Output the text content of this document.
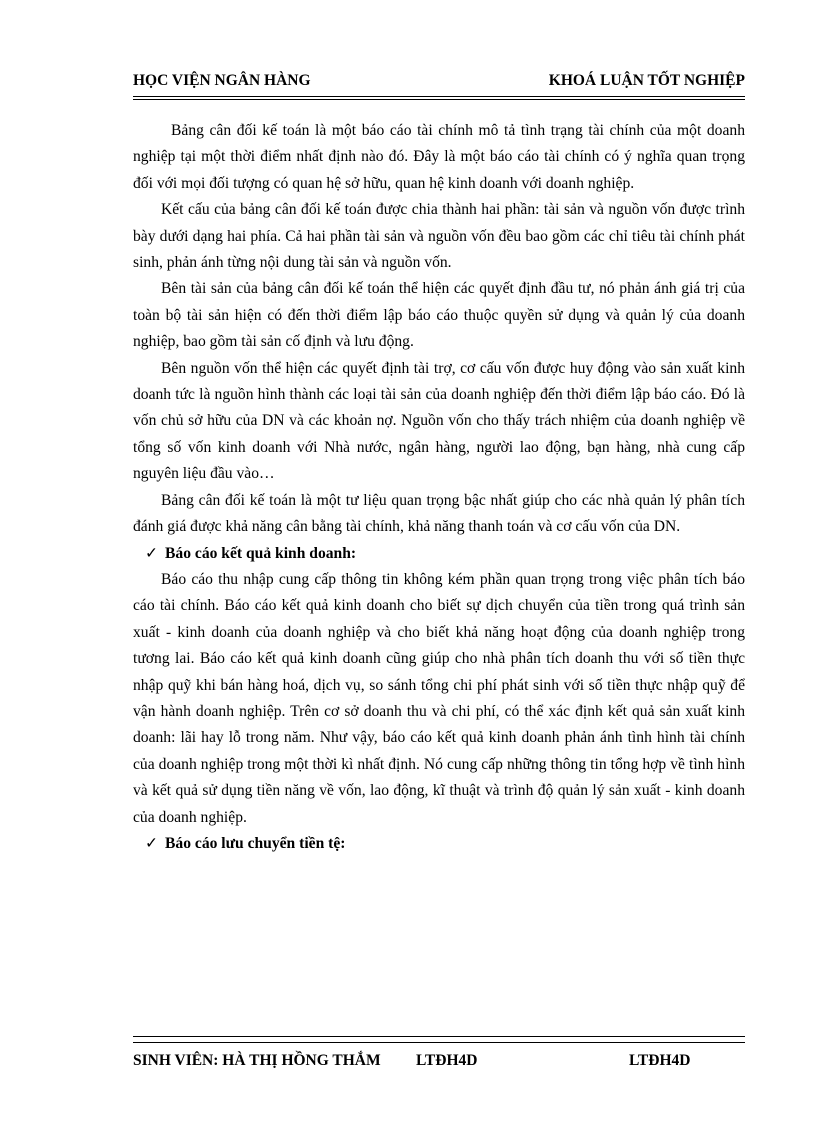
HỌC VIỆN NGÂN HÀNG	KHOÁ LUẬN TỐT NGHIỆP

Bảng cân đối kế toán là một báo cáo tài chính mô tả tình trạng tài chính của một doanh nghiệp tại một thời điểm nhất định nào đó. Đây là một báo cáo tài chính có ý nghĩa quan trọng đối với mọi đối tượng có quan hệ sở hữu, quan hệ kinh doanh với doanh nghiệp.

Kết cấu của bảng cân đối kế toán được chia thành hai phần: tài sản và nguồn vốn được trình bày dưới dạng hai phía. Cả hai phần tài sản và nguồn vốn đều bao gồm các chỉ tiêu tài chính phát sinh, phản ánh từng nội dung tài sản và nguồn vốn.

Bên tài sản của bảng cân đối kế toán thể hiện các quyết định đầu tư, nó phản ánh giá trị của toàn bộ tài sản hiện có đến thời điểm lập báo cáo thuộc quyền sử dụng và quản lý của doanh nghiệp, bao gồm tài sản cố định và lưu động.

Bên nguồn vốn thể hiện các quyết định tài trợ, cơ cấu vốn được huy động vào sản xuất kinh doanh tức là nguồn hình thành các loại tài sản của doanh nghiệp đến thời điểm lập báo cáo. Đó là vốn chủ sở hữu của DN và các khoản nợ. Nguồn vốn cho thấy trách nhiệm của doanh nghiệp về tổng số vốn kinh doanh với Nhà nước, ngân hàng, người lao động, bạn hàng, nhà cung cấp nguyên liệu đầu vào…

Bảng cân đối kế toán là một tư liệu quan trọng bậc nhất giúp cho các nhà quản lý phân tích đánh giá được khả năng cân bằng tài chính, khả năng thanh toán và cơ cấu vốn của DN.

✓ Báo cáo kết quả kinh doanh:

Báo cáo thu nhập cung cấp thông tin không kém phần quan trọng trong việc phân tích báo cáo tài chính. Báo cáo kết quả kinh doanh cho biết sự dịch chuyển của tiền trong quá trình sản xuất - kinh doanh của doanh nghiệp và cho biết khả năng hoạt động của doanh nghiệp trong tương lai. Báo cáo kết quả kinh doanh cũng giúp cho nhà phân tích doanh thu với số tiền thực nhập quỹ khi bán hàng hoá, dịch vụ, so sánh tổng chi phí phát sinh với số tiền thực nhập quỹ để vận hành doanh nghiệp. Trên cơ sở doanh thu và chi phí, có thể xác định kết quả sản xuất kinh doanh: lãi hay lỗ trong năm. Như vậy, báo cáo kết quả kinh doanh phản ánh tình hình tài chính của doanh nghiệp trong một thời kì nhất định. Nó cung cấp những thông tin tổng hợp về tình hình và kết quả sử dụng tiền năng về vốn, lao động, kĩ thuật và trình độ quản lý sản xuất - kinh doanh của doanh nghiệp.

✓ Báo cáo lưu chuyển tiền tệ:
SINH VIÊN: HÀ THỊ HỒNG THẮM LTĐH4D	LTĐH4D
